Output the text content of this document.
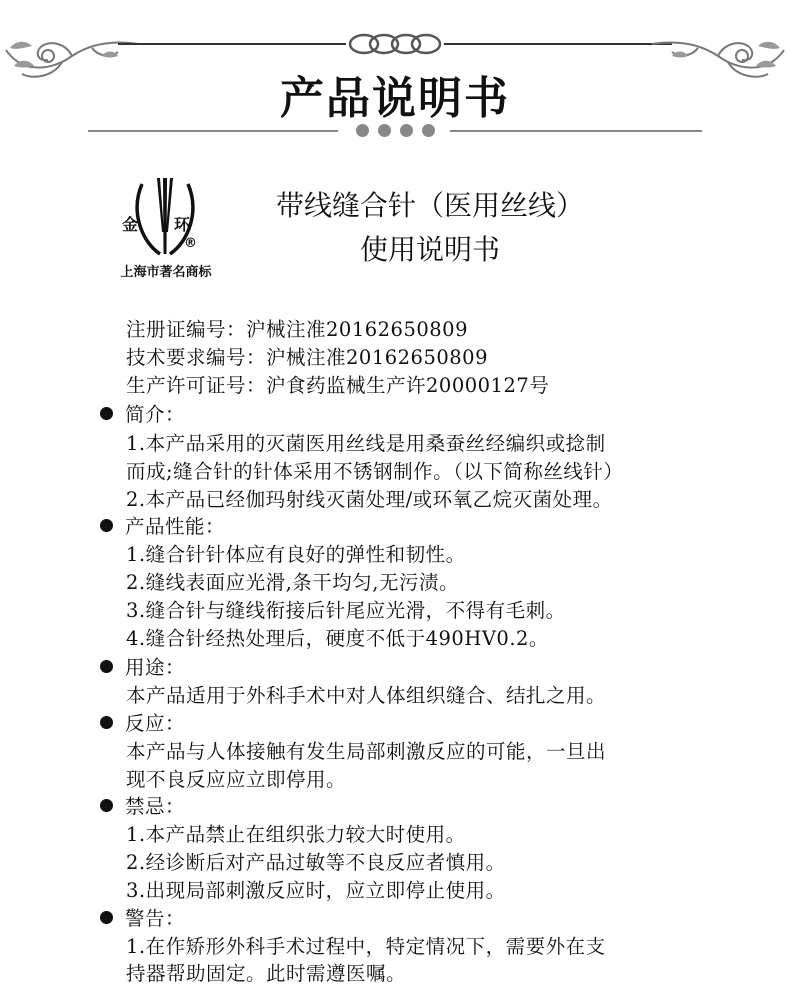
产品说明书
金 环
®
上海市著名商标
带线缝合针（医用丝线）
使用说明书
注册证编号：沪械注准20162650809
技术要求编号：沪械注准20162650809
生产许可证号：沪食药监械生产许20000127号
简介：
1.本产品采用的灭菌医用丝线是用桑蚕丝经编织或捻制
而成;缝合针的针体采用不锈钢制作。（以下简称丝线针）
2.本产品已经伽玛射线灭菌处理/或环氧乙烷灭菌处理。
产品性能：
1.缝合针针体应有良好的弹性和韧性。
2.缝线表面应光滑,条干均匀,无污渍。
3.缝合针与缝线衔接后针尾应光滑，不得有毛刺。
4.缝合针经热处理后，硬度不低于490HV0.2。
用途：
本产品适用于外科手术中对人体组织缝合、结扎之用。
反应：
本产品与人体接触有发生局部刺激反应的可能，一旦出
现不良反应应立即停用。
禁忌：
1.本产品禁止在组织张力较大时使用。
2.经诊断后对产品过敏等不良反应者慎用。
3.出现局部刺激反应时，应立即停止使用。
警告：
1.在作矫形外科手术过程中，特定情况下，需要外在支
持器帮助固定。此时需遵医嘱。
